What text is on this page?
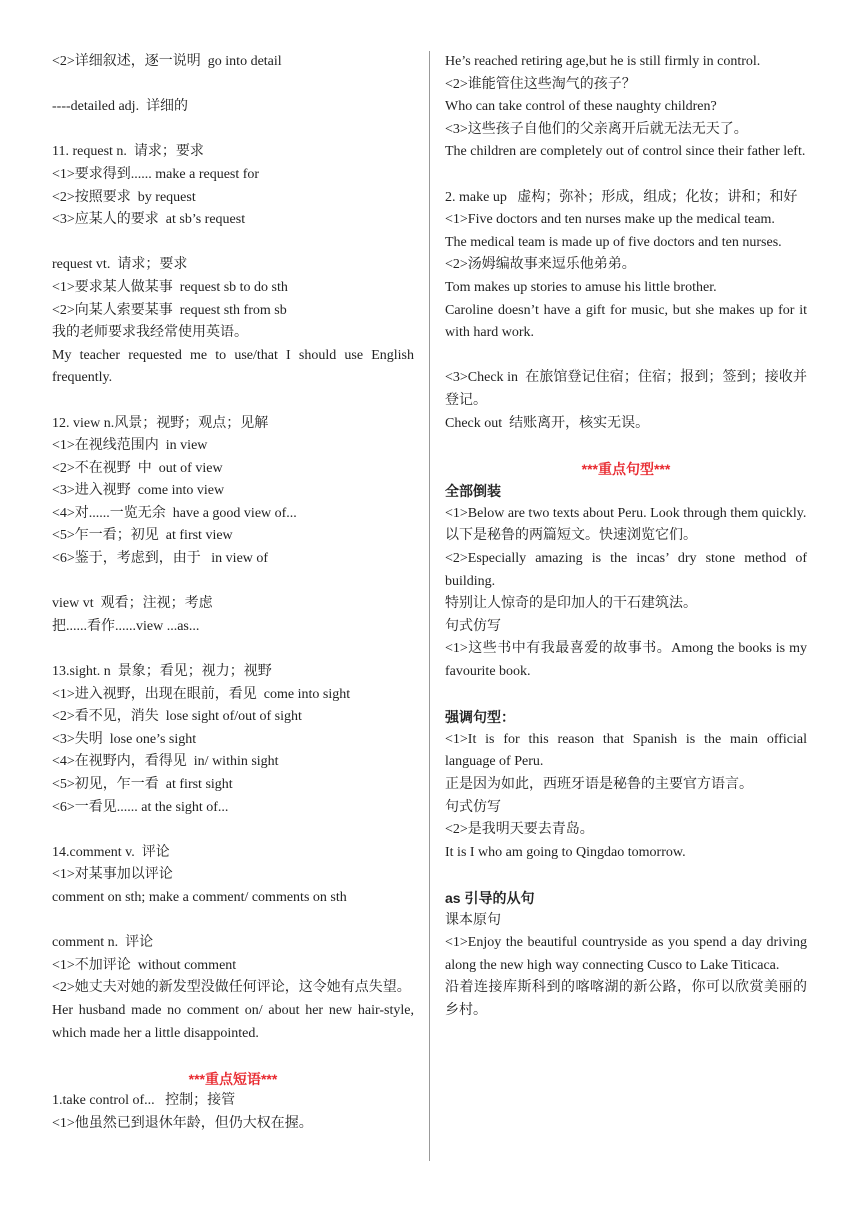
<2>详细叙述，逐一说明  go into detail
----detailed adj.  详细的
11. request n.  请求；要求
<1>要求得到...... make a request for
<2>按照要求  by request
<3>应某人的要求  at sb’s request
request vt.  请求；要求
<1>要求某人做某事  request sb to do sth
<2>向某人索要某事  request sth from sb
我的老师要求我经常使用英语。
My teacher requested me to use/that I should use English frequently.
12. view n.风景；视野；观点；见解
<1>在视线范围内  in view
<2>不在视野  中  out of view
<3>进入视野  come into view
<4>对......一览无余  have a good view of...
<5>乍一看；初见  at first view
<6>鉴于，考虑到，由于   in view of
view vt  观看；注视；考虑
把......看作......view ...as...
13.sight. n  景象；看见；视力；视野
<1>进入视野，出现在眼前，看见  come into sight
<2>看不见，消失  lose sight of/out of sight
<3>失明  lose one’s sight
<4>在视野内，看得见  in/ within sight
<5>初见，乍一看  at first sight
<6>一看见...... at the sight of...
14.comment v.  评论
<1>对某事加以评论
comment on sth; make a comment/ comments on sth
comment n.  评论
<1>不加评论  without comment
<2>她丈夫对她的新发型没做任何评论，这令她有点失望。
Her husband made no comment on/ about her new hair-style, which made her a little disappointed.
***重点短语***
1.take control of...   控制；接管
<1>他虽然已到退休年龄，但仍大权在握。
He’s reached retiring age,but he is still firmly in control.
<2>谁能管住这些淘气的孩子？
Who can take control of these naughty children?
<3>这些孩子自他们的父亲离开后就无法无天了。
The children are completely out of control since their father left.
2. make up   虚构；弥补；形成，组成；化妆；讲和；和好
<1>Five doctors and ten nurses make up the medical team.
The medical team is made up of five doctors and ten nurses.
<2>汤姆编故事来逗乐他弟弟。
Tom makes up stories to amuse his little brother.
Caroline doesn’t have a gift for music, but she makes up for it with hard work.
<3>Check in  在旅馆登记住宿；住宿；报到；签到；接收并登记。
Check out  结账离开，核实无误。
***重点句型***
全部倒装
<1>Below are two texts about Peru. Look through them quickly.
以下是秘鲁的两篇短文。快速浏览它们。
<2>Especially amazing is the incas’ dry stone method of building.
特别让人惊奇的是印加人的干石建筑法。
句式仿写
<1>这些书中有我最喜爱的故事书。Among the books is my favourite book.
强调句型：
<1>It is for this reason that Spanish is the main official language of Peru.
正是因为如此，西班牙语是秘鲁的主要官方语言。
句式仿写
<2>是我明天要去青岛。
It is I who am going to Qingdao tomorrow.
as 引导的从句
课本原句
<1>Enjoy the beautiful countryside as you spend a day driving along the new high way connecting Cusco to Lake Titicaca.
沿着连接库斯科到的喀喀湖的新公路，你可以欣赏美丽的乡村。
